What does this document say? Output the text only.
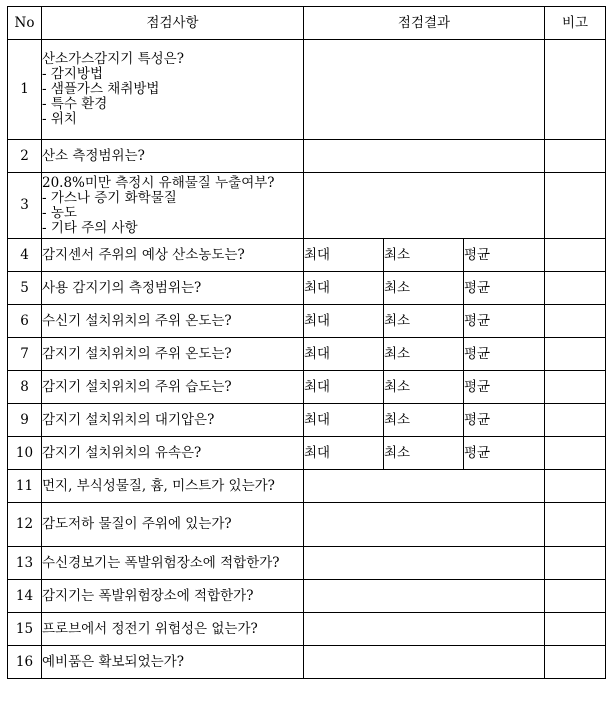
No	점검사항	점검결과			비고
1	산소가스감지기 특성은?
- 감지방법
- 샘플가스 채취방법
- 특수 환경
- 위치				

2	산소 측정범위는?				

3	20.8%미만 측정시 유해물질 누출여부?
- 가스나 증기 화학물질
- 농도
- 기타 주의 사항				

4	감지센서 주위의 예상 산소농도는?	최대	최소	평균	
5	사용 감지기의 측정범위는?	최대	최소	평균	
6	수신기 설치위치의 주위 온도는?	최대	최소	평균	
7	감지기 설치위치의 주위 온도는?	최대	최소	평균	
8	감지기 설치위치의 주위 습도는?	최대	최소	평균	
9	감지기 설치위치의 대기압은?	최대	최소	평균	
10	감지기 설치위치의 유속은?	최대	최소	평균	
11	먼지, 부식성물질, 흄, 미스트가 있는가?				

12	감도저하 물질이 주위에 있는가?				

13	수신경보기는 폭발위험장소에 적합한가?				

14	감지기는 폭발위험장소에 적합한가?				

15	프로브에서 정전기 위험성은 없는가?				

16	예비품은 확보되었는가?				
